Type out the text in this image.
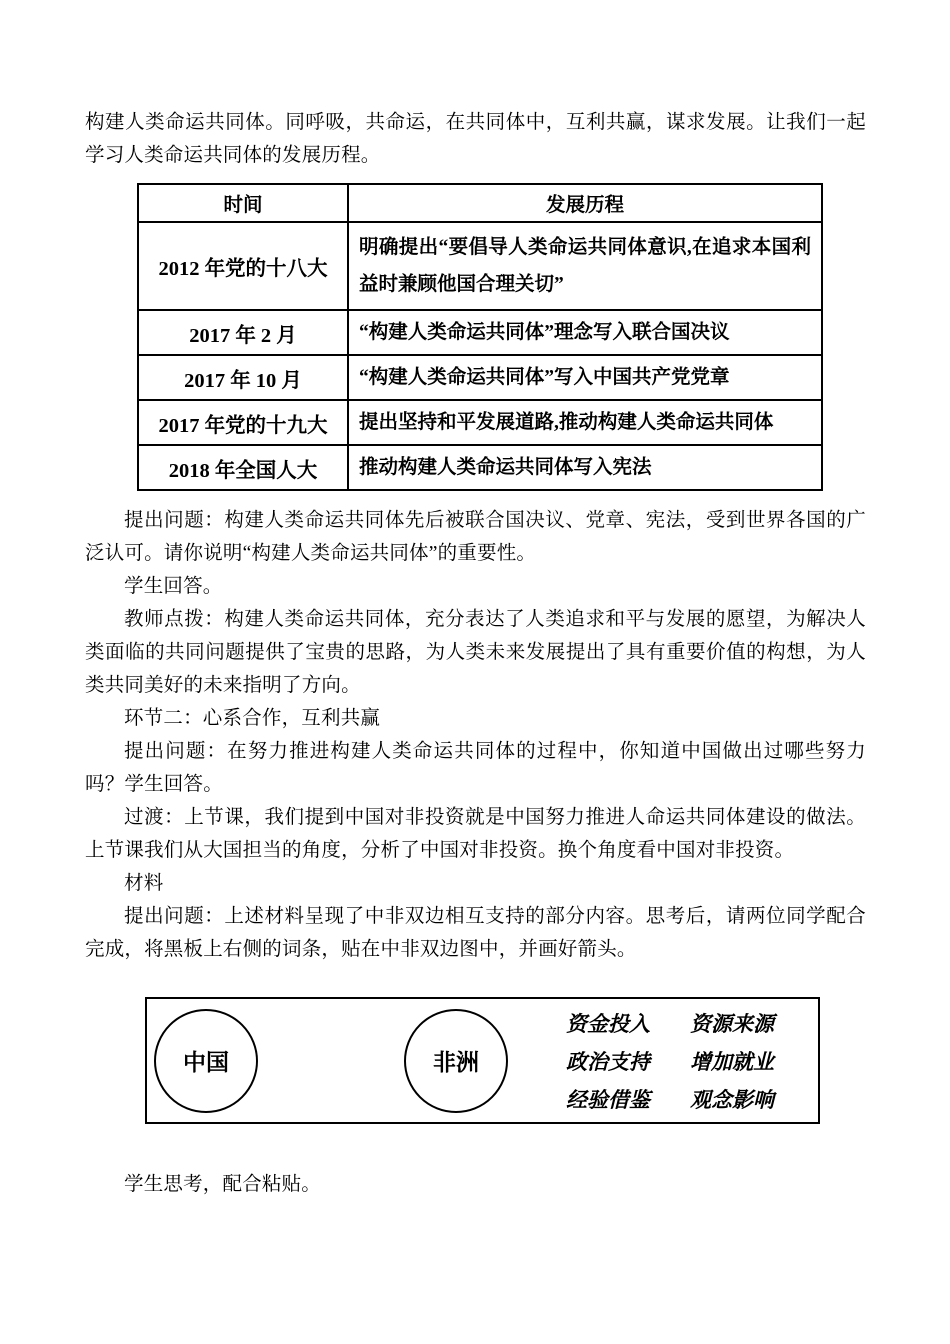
构建人类命运共同体。同呼吸，共命运，在共同体中，互利共赢，谋求发展。让我们一起学习人类命运共同体的发展历程。

时间	发展历程
2012 年党的十八大	明确提出“要倡导人类命运共同体意识,在追求本国利益时兼顾他国合理关切”
2017 年 2 月	“构建人类命运共同体”理念写入联合国决议
2017 年 10 月	“构建人类命运共同体”写入中国共产党党章
2017 年党的十九大	提出坚持和平发展道路,推动构建人类命运共同体
2018 年全国人大	推动构建人类命运共同体写入宪法

提出问题：构建人类命运共同体先后被联合国决议、党章、宪法，受到世界各国的广泛认可。请你说明“构建人类命运共同体”的重要性。

学生回答。

教师点拨：构建人类命运共同体，充分表达了人类追求和平与发展的愿望，为解决人类面临的共同问题提供了宝贵的思路，为人类未来发展提出了具有重要价值的构想，为人类共同美好的未来指明了方向。

环节二：心系合作，互利共赢

提出问题：在努力推进构建人类命运共同体的过程中，你知道中国做出过哪些努力吗？学生回答。

过渡：上节课，我们提到中国对非投资就是中国努力推进人命运共同体建设的做法。上节课我们从大国担当的角度，分析了中国对非投资。换个角度看中国对非投资。

材料

提出问题：上述材料呈现了中非双边相互支持的部分内容。思考后，请两位同学配合完成，将黑板上右侧的词条，贴在中非双边图中，并画好箭头。

中国	非洲
资金投入 资源来源
政治支持 增加就业
经验借鉴 观念影响

学生思考，配合粘贴。
